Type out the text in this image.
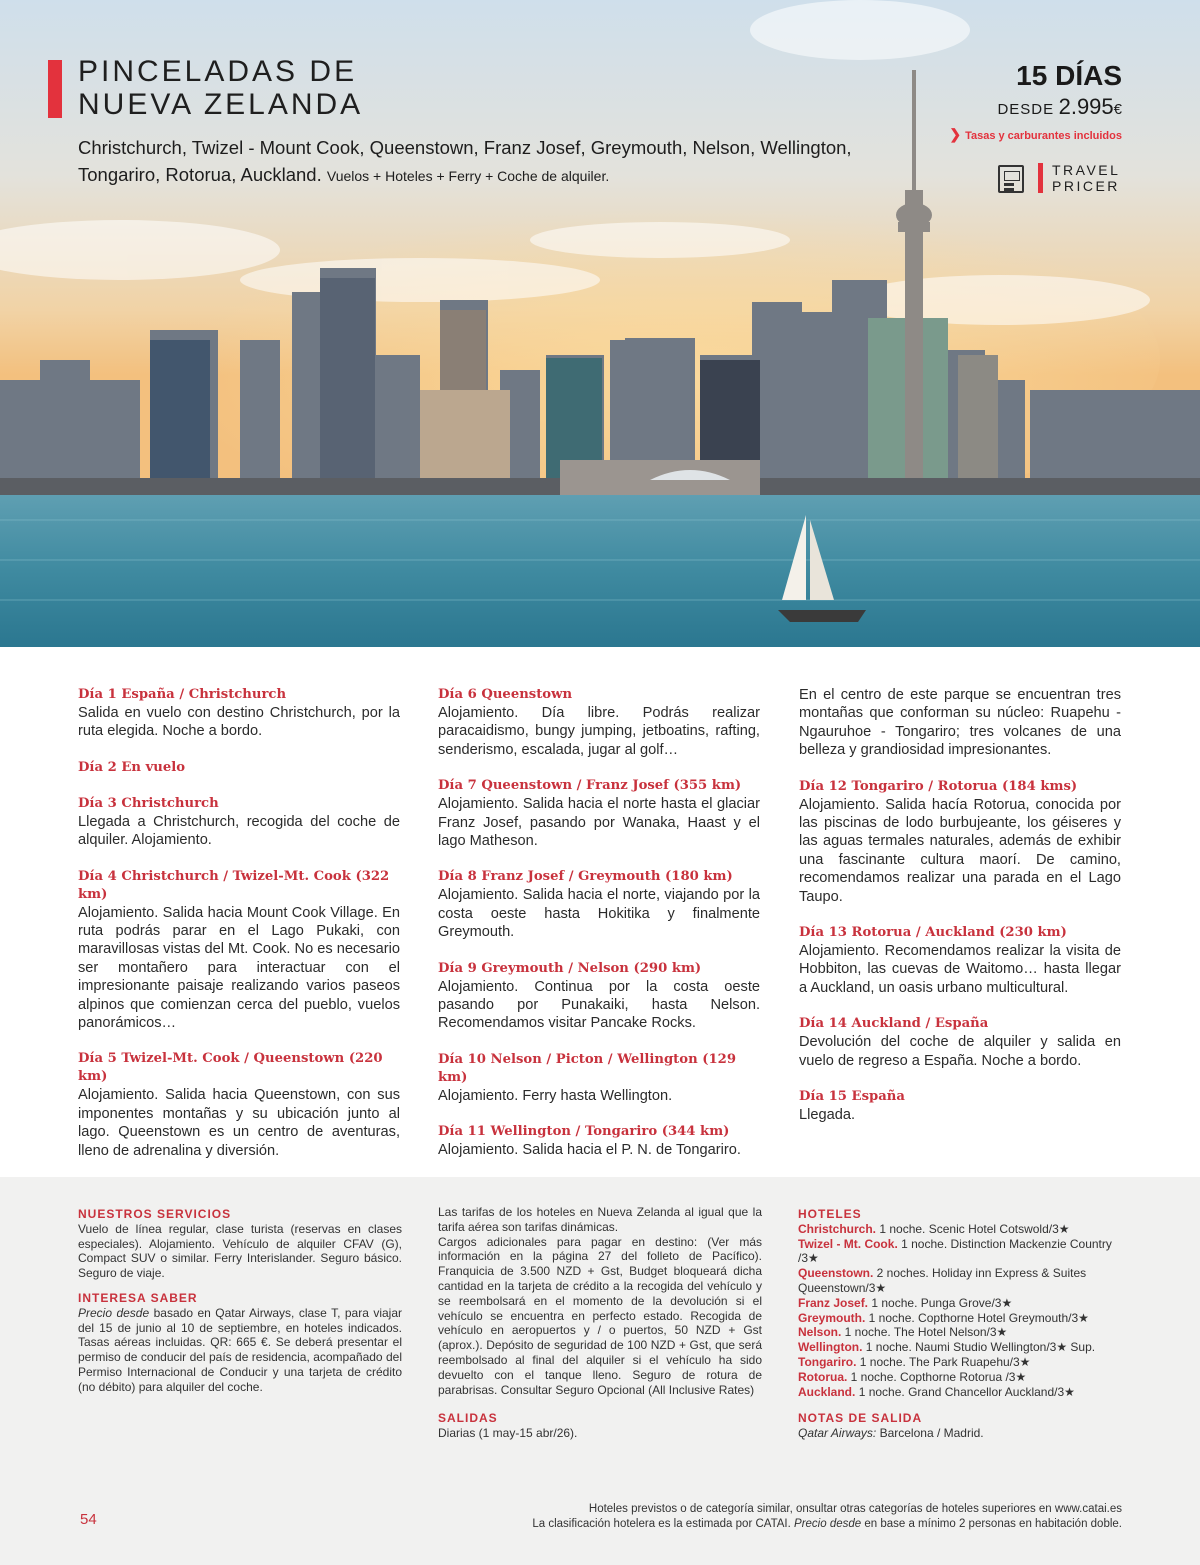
PINCELADAS DE
NUEVA ZELANDA
Christchurch, Twizel - Mount Cook, Queenstown, Franz Josef, Greymouth, Nelson, Wellington, Tongariro, Rotorua, Auckland. Vuelos + Hoteles + Ferry + Coche de alquiler.
15 DÍAS
DESDE 2.995€
❯ Tasas y carburantes incluidos
TRAVEL
PRICER
Día 1 España / Christchurch
Salida en vuelo con destino Christchurch, por la ruta elegida. Noche a bordo.
Día 2 En vuelo
Día 3 Christchurch
Llegada a Christchurch, recogida del coche de alquiler. Alojamiento.
Día 4 Christchurch / Twizel-Mt. Cook (322 km)
Alojamiento. Salida hacia Mount Cook Village. En ruta podrás parar en el Lago Pukaki, con maravillosas vistas del Mt. Cook. No es necesario ser montañero para interactuar con el impresionante paisaje realizando varios paseos alpinos que comienzan cerca del pueblo, vuelos panorámicos…
Día 5 Twizel-Mt. Cook / Queenstown (220 km)
Alojamiento. Salida hacia Queenstown, con sus imponentes montañas y su ubicación junto al lago. Queenstown es un centro de aventuras, lleno de adrenalina y diversión.
Día 6 Queenstown
Alojamiento. Día libre. Podrás realizar paracaidismo, bungy jumping, jetboatins, rafting, senderismo, escalada, jugar al golf…
Día 7 Queenstown / Franz Josef (355 km)
Alojamiento. Salida hacia el norte hasta el glaciar Franz Josef, pasando por Wanaka, Haast y el lago Matheson.
Día 8 Franz Josef / Greymouth (180 km)
Alojamiento. Salida hacia el norte, viajando por la costa oeste hasta Hokitika y finalmente Greymouth.
Día 9 Greymouth / Nelson (290 km)
Alojamiento. Continua por la costa oeste pasando por Punakaiki, hasta Nelson. Recomendamos visitar Pancake Rocks.
Día 10 Nelson / Picton / Wellington (129 km)
Alojamiento. Ferry hasta Wellington.
Día 11 Wellington / Tongariro (344 km)
Alojamiento. Salida hacia el P. N. de Tongariro.
En el centro de este parque se encuentran tres montañas que conforman su núcleo: Ruapehu - Ngauruhoe - Tongariro; tres volcanes de una belleza y grandiosidad impresionantes.
Día 12 Tongariro / Rotorua (184 kms)
Alojamiento. Salida hacía Rotorua, conocida por las piscinas de lodo burbujeante, los géiseres y las aguas termales naturales, además de exhibir una fascinante cultura maorí. De camino, recomendamos realizar una parada en el Lago Taupo.
Día 13 Rotorua / Auckland (230 km)
Alojamiento. Recomendamos realizar la visita de Hobbiton, las cuevas de Waitomo… hasta llegar a Auckland, un oasis urbano multicultural.
Día 14 Auckland / España
Devolución del coche de alquiler y salida en vuelo de regreso a España. Noche a bordo.
Día 15 España
Llegada.
NUESTROS SERVICIOS
Vuelo de línea regular, clase turista (reservas en clases especiales). Alojamiento. Vehículo de alquiler CFAV (G), Compact SUV o similar. Ferry Interislander. Seguro básico. Seguro de viaje.
INTERESA SABER
Precio desde basado en Qatar Airways, clase T, para viajar del 15 de junio al 10 de septiembre, en hoteles indicados. Tasas aéreas incluidas. QR: 665 €. Se deberá presentar el permiso de conducir del país de residencia, acompañado del Permiso Internacional de Conducir y una tarjeta de crédito (no débito) para alquiler del coche.
Las tarifas de los hoteles en Nueva Zelanda al igual que la tarifa aérea son tarifas dinámicas.
Cargos adicionales para pagar en destino: (Ver más información en la página 27 del folleto de Pacífico). Franquicia de 3.500 NZD + Gst, Budget bloqueará dicha cantidad en la tarjeta de crédito a la recogida del vehículo y se reembolsará en el momento de la devolución si el vehículo se encuentra en perfecto estado. Recogida de vehículo en aeropuertos y / o puertos, 50 NZD + Gst (aprox.). Depósito de seguridad de 100 NZD + Gst, que será reembolsado al final del alquiler si el vehículo ha sido devuelto con el tanque lleno. Seguro de rotura de parabrisas. Consultar Seguro Opcional (All Inclusive Rates)
SALIDAS
Diarias (1 may-15 abr/26).
HOTELES
Christchurch. 1 noche. Scenic Hotel Cotswold/3★
Twizel - Mt. Cook. 1 noche. Distinction Mackenzie Country /3★
Queenstown. 2 noches. Holiday inn Express & Suites Queenstown/3★
Franz Josef. 1 noche. Punga Grove/3★
Greymouth. 1 noche. Copthorne Hotel Greymouth/3★
Nelson. 1 noche. The Hotel Nelson/3★
Wellington. 1 noche. Naumi Studio Wellington/3★ Sup.
Tongariro. 1 noche. The Park Ruapehu/3★
Rotorua. 1 noche. Copthorne Rotorua /3★
Auckland. 1 noche. Grand Chancellor Auckland/3★
NOTAS DE SALIDA
Qatar Airways: Barcelona / Madrid.
54
Hoteles previstos o de categoría similar, onsultar otras categorías de hoteles superiores en www.catai.es
La clasificación hotelera es la estimada por CATAI. Precio desde en base a mínimo 2 personas en habitación doble.
